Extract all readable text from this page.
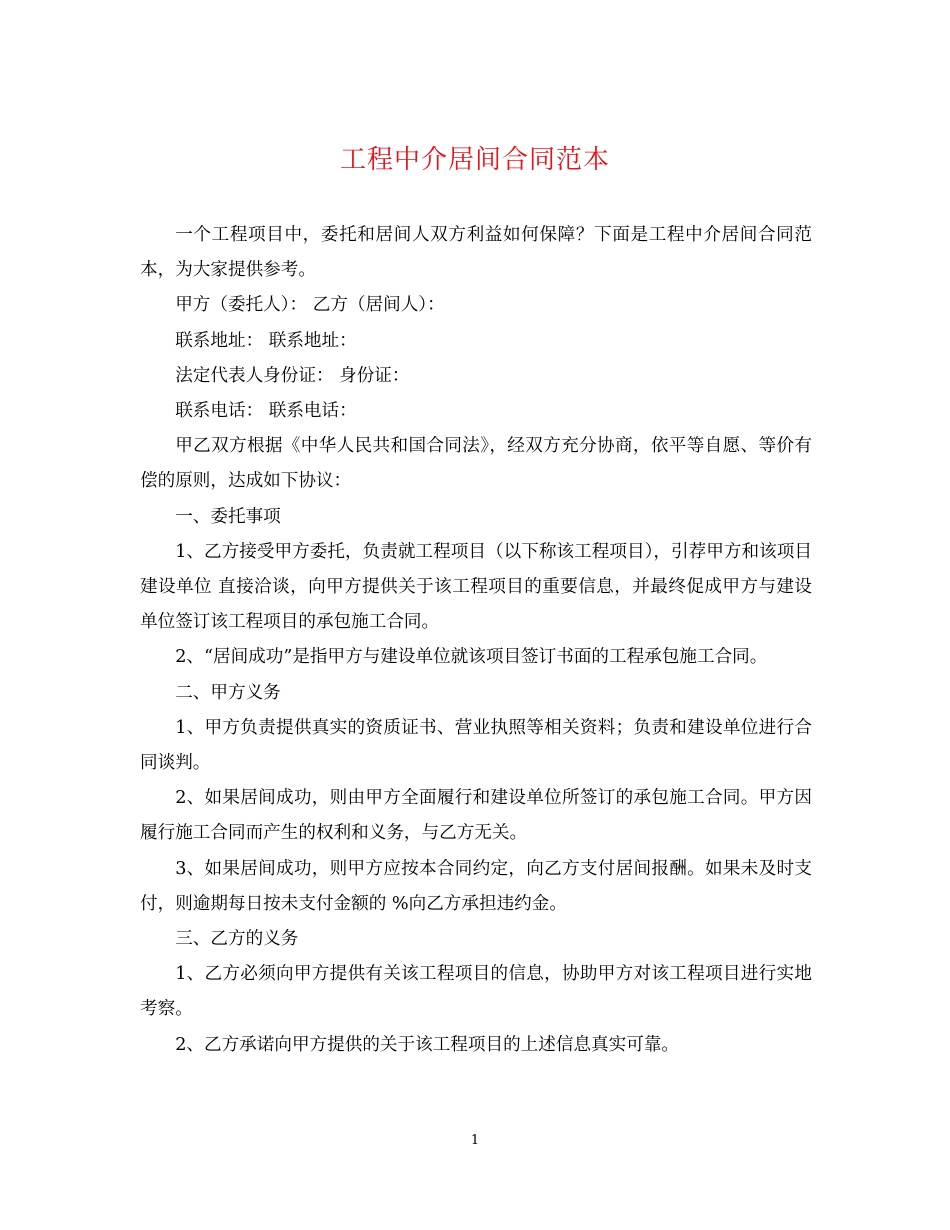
工程中介居间合同范本

一个工程项目中，委托和居间人双方利益如何保障？下面是工程中介居间合同范本，为大家提供参考。

甲方（委托人）： 乙方（居间人）：

联系地址： 联系地址：

法定代表人身份证： 身份证：

联系电话： 联系电话：

甲乙双方根据《中华人民共和国合同法》，经双方充分协商，依平等自愿、等价有偿的原则，达成如下协议：

一、委托事项

1、乙方接受甲方委托，负责就工程项目（以下称该工程项目），引荐甲方和该项目建设单位 直接洽谈，向甲方提供关于该工程项目的重要信息，并最终促成甲方与建设单位签订该工程项目的承包施工合同。

2、“居间成功”是指甲方与建设单位就该项目签订书面的工程承包施工合同。

二、甲方义务

1、甲方负责提供真实的资质证书、营业执照等相关资料；负责和建设单位进行合同谈判。

2、如果居间成功，则由甲方全面履行和建设单位所签订的承包施工合同。甲方因履行施工合同而产生的权利和义务，与乙方无关。

3、如果居间成功，则甲方应按本合同约定，向乙方支付居间报酬。如果未及时支付，则逾期每日按未支付金额的 %向乙方承担违约金。

三、乙方的义务

1、乙方必须向甲方提供有关该工程项目的信息，协助甲方对该工程项目进行实地考察。

2、乙方承诺向甲方提供的关于该工程项目的上述信息真实可靠。

1
